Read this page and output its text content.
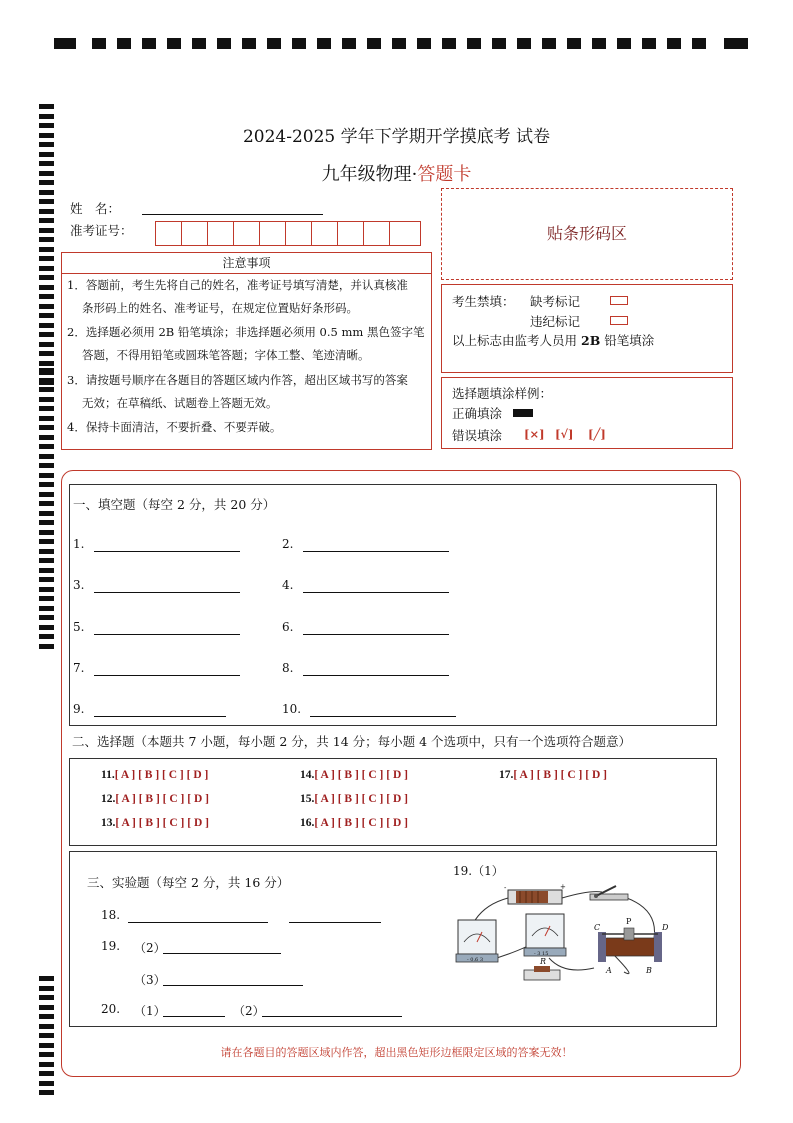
2024-2025 学年下学期开学摸底考 试卷
九年级物理·答题卡
姓　名：
准考证号：	贴条形码区
注意事项
1．答题前，考生先将自己的姓名，准考证号填写清楚，并认真核准
条形码上的姓名、准考证号，在规定位置贴好条形码。
2．选择题必须用 2B 铅笔填涂；非选择题必须用 0.5 mm 黑色签字笔
答题，不得用铅笔或圆珠笔答题；字体工整、笔迹清晰。
3．请按题号顺序在各题目的答题区域内作答，超出区域书写的答案
无效；在草稿纸、试题卷上答题无效。
4．保持卡面清洁，不要折叠、不要弄破。
考生禁填： 缺考标记
违纪标记
以上标志由监考人员用 2B 铅笔填涂
选择题填涂样例：
正确填涂
错误填涂 [×] [√] [╱]
一、填空题（每空 2 分，共 20 分）
1.	2.
3.	4.
5.	6.
7.	8.
9.	10.
二、选择题（本题共 7 小题，每小题 2 分，共 14 分；每小题 4 个选项中，只有一个选项符合题意）
11.[ A ] [ B ] [ C ] [ D ]
12.[ A ] [ B ] [ C ] [ D ]
13.[ A ] [ B ] [ C ] [ D ]
14.[ A ] [ B ] [ C ] [ D ]
15.[ A ] [ B ] [ C ] [ D ]
16.[ A ] [ B ] [ C ] [ D ]
17.[ A ] [ B ] [ C ] [ D ]
三、实验题（每空 2 分，共 16 分）
18.
19. （2）
（3）
20. （1）	（2）
19.（1）
-	+
- 0.6 3
- 3 15
R
C
P
D
A	B
请在各题目的答题区域内作答，超出黑色矩形边框限定区域的答案无效！
